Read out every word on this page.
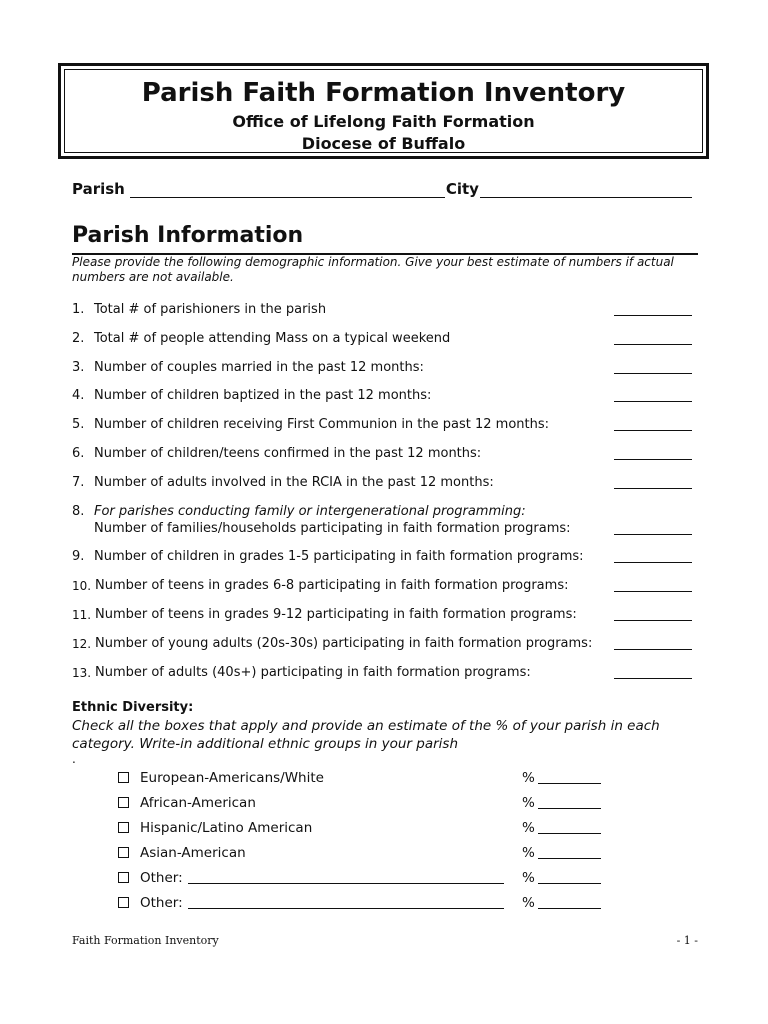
Parish Faith Formation Inventory
Office of Lifelong Faith Formation
Diocese of Buffalo
Parish	City
Parish Information
Please provide the following demographic information. Give your best estimate of numbers if actual numbers are not available.
1. Total # of parishioners in the parish
2. Total # of people attending Mass on a typical weekend
3. Number of couples married in the past 12 months:
4. Number of children baptized in the past 12 months:
5. Number of children receiving First Communion in the past 12 months:
6. Number of children/teens confirmed in the past 12 months:
7. Number of adults involved in the RCIA in the past 12 months:
8. For parishes conducting family or intergenerational programming:
Number of families/households participating in faith formation programs:
9. Number of children in grades 1-5 participating in faith formation programs:
10. Number of teens in grades 6-8 participating in faith formation programs:
11. Number of teens in grades 9-12 participating in faith formation programs:
12. Number of young adults (20s-30s) participating in faith formation programs:
13. Number of adults (40s+) participating in faith formation programs:
Ethnic Diversity:
Check all the boxes that apply and provide an estimate of the % of your parish in each category. Write-in additional ethnic groups in your parish
.
European-Americans/White	%
African-American	%
Hispanic/Latino American	%
Asian-American	%
Other:	%
Other:	%
Faith Formation Inventory	- 1 -
